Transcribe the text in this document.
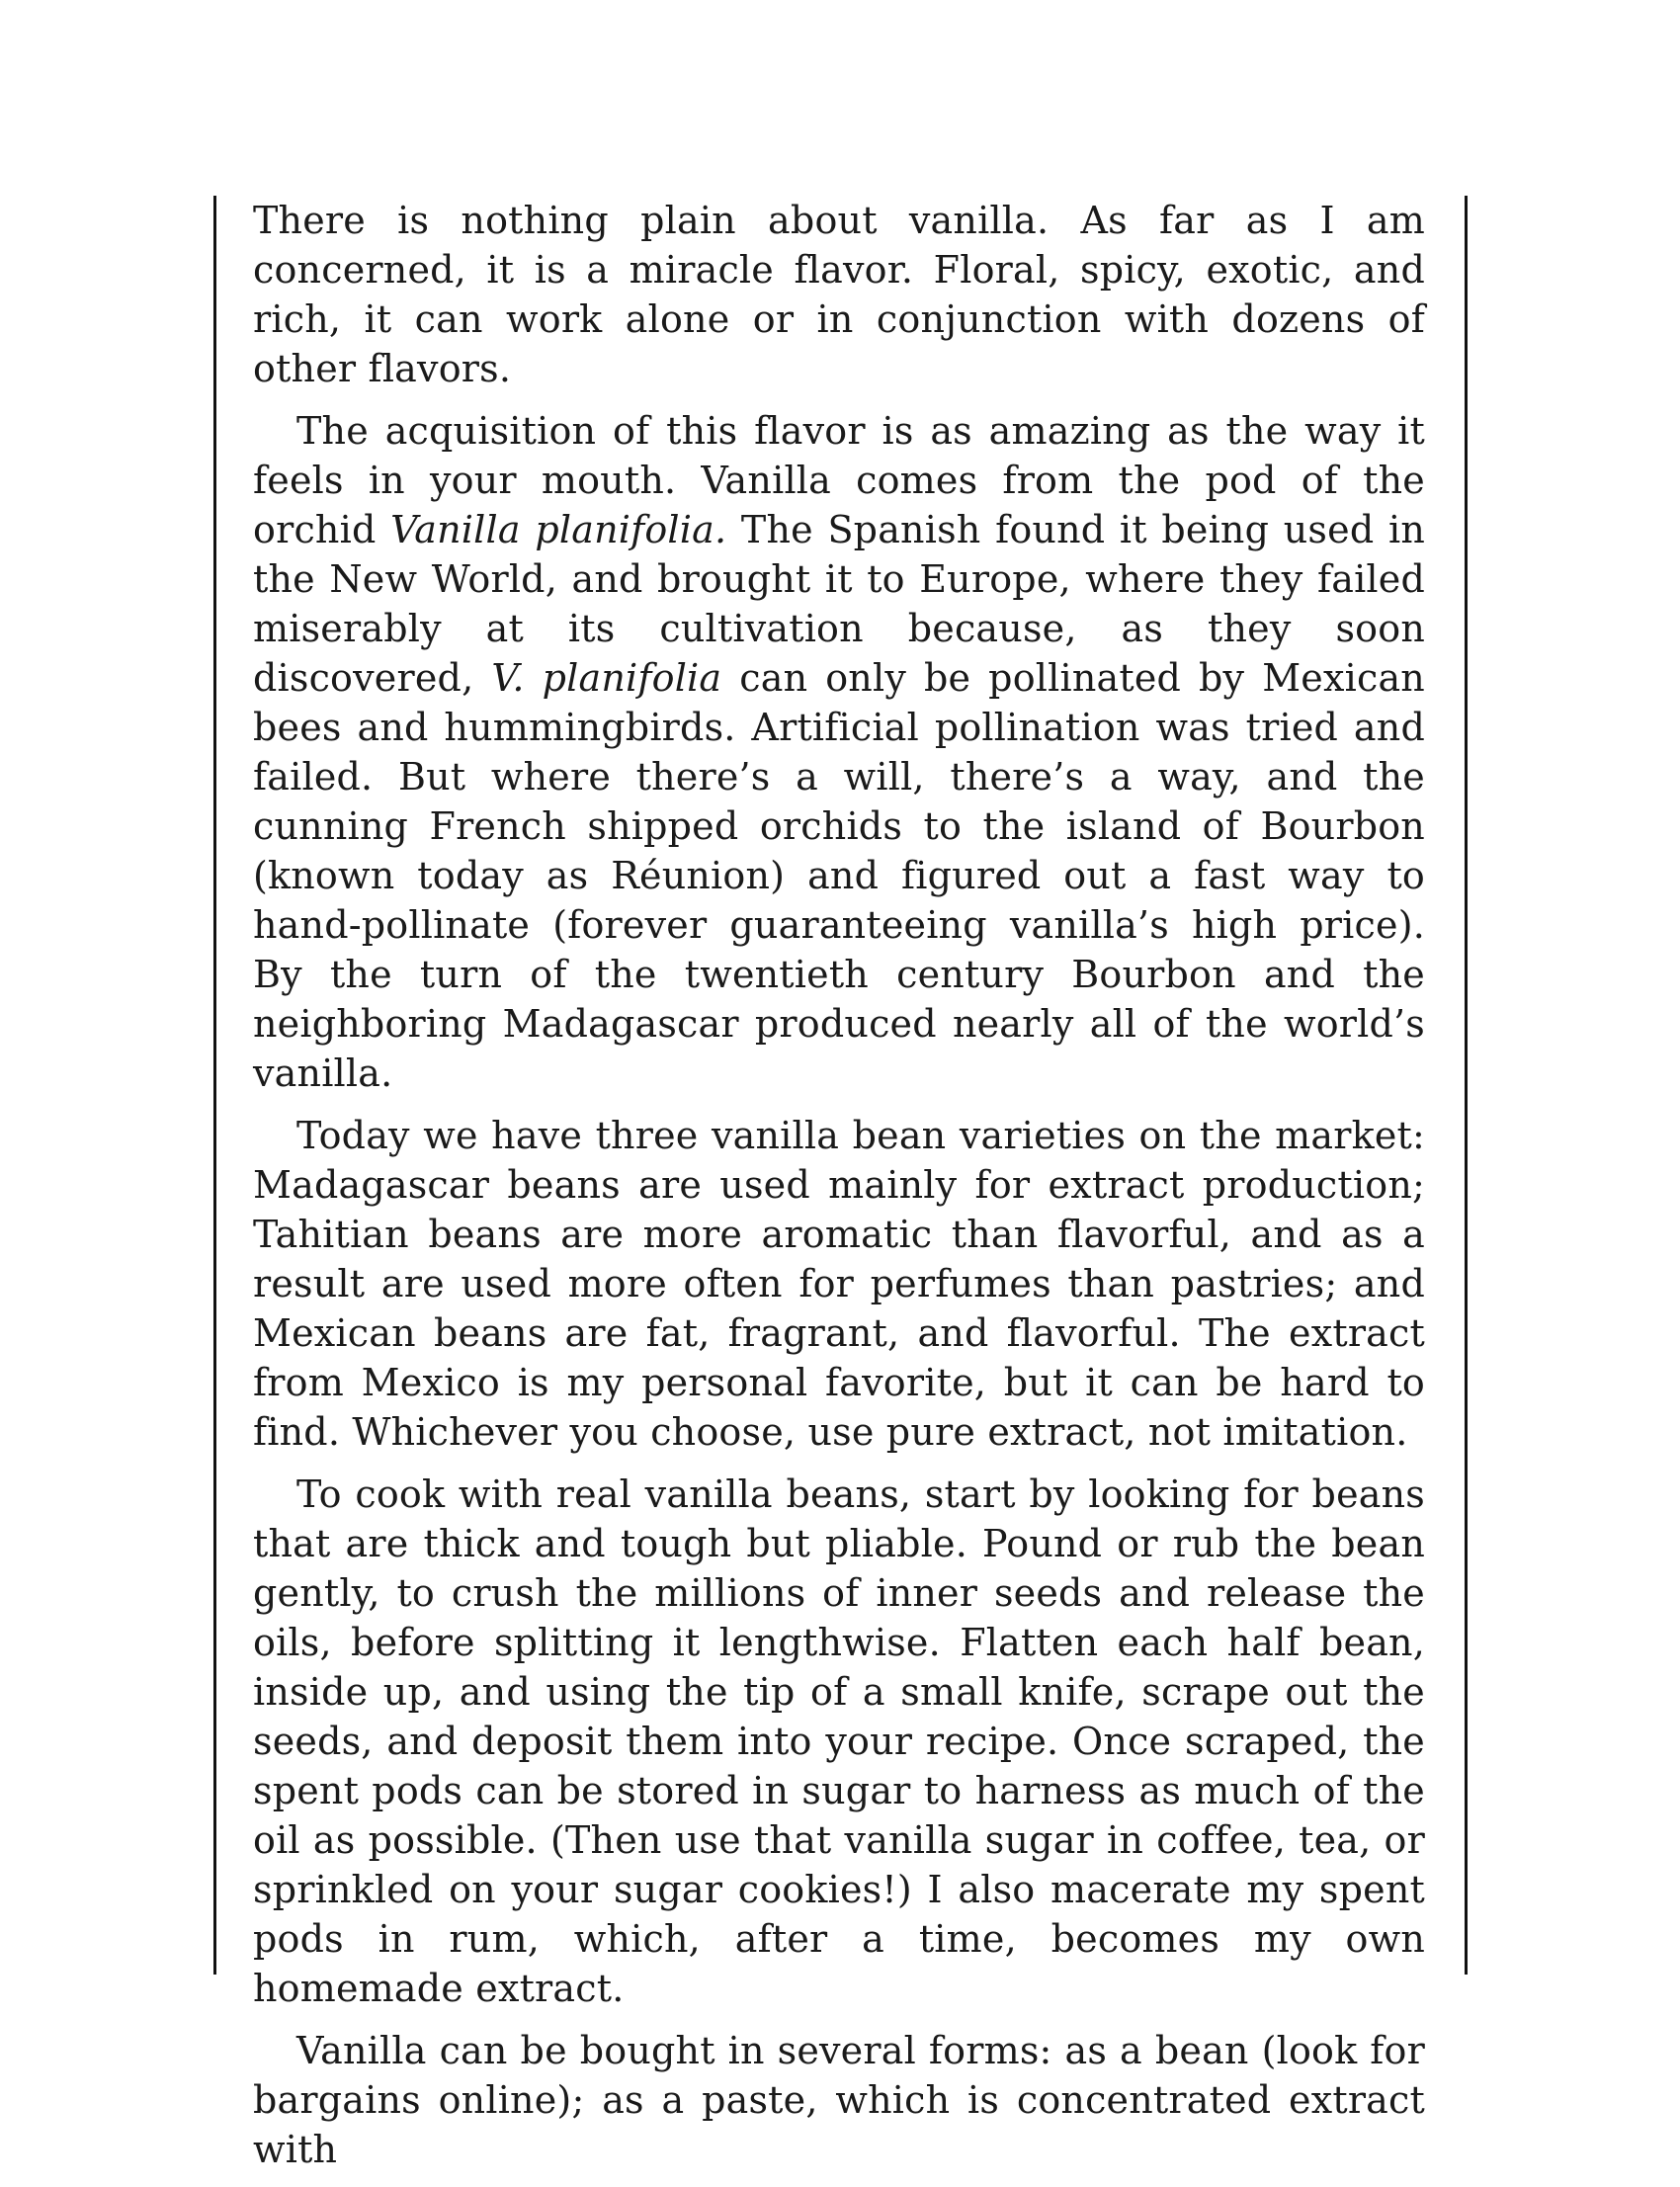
There is nothing plain about vanilla. As far as I am concerned, it is a miracle flavor. Floral, spicy, exotic, and rich, it can work alone or in conjunction with dozens of other flavors.

The acquisition of this flavor is as amazing as the way it feels in your mouth. Vanilla comes from the pod of the orchid Vanilla planifolia. The Spanish found it being used in the New World, and brought it to Europe, where they failed miserably at its cultivation because, as they soon discovered, V. planifolia can only be pollinated by Mexican bees and hummingbirds. Artificial pollination was tried and failed. But where there’s a will, there’s a way, and the cunning French shipped orchids to the island of Bourbon (known today as Réunion) and figured out a fast way to hand-pollinate (forever guaranteeing vanilla’s high price). By the turn of the twentieth century Bourbon and the neighboring Madagascar produced nearly all of the world’s vanilla.

Today we have three vanilla bean varieties on the market: Madagascar beans are used mainly for extract production; Tahitian beans are more aromatic than flavorful, and as a result are used more often for perfumes than pastries; and Mexican beans are fat, fragrant, and flavorful. The extract from Mexico is my personal favorite, but it can be hard to find. Whichever you choose, use pure extract, not imitation.

To cook with real vanilla beans, start by looking for beans that are thick and tough but pliable. Pound or rub the bean gently, to crush the millions of inner seeds and release the oils, before splitting it lengthwise. Flatten each half bean, inside up, and using the tip of a small knife, scrape out the seeds, and deposit them into your recipe. Once scraped, the spent pods can be stored in sugar to harness as much of the oil as possible. (Then use that vanilla sugar in coffee, tea, or sprinkled on your sugar cookies!) I also macerate my spent pods in rum, which, after a time, becomes my own homemade extract.

Vanilla can be bought in several forms: as a bean (look for bargains online); as a paste, which is concentrated extract with
